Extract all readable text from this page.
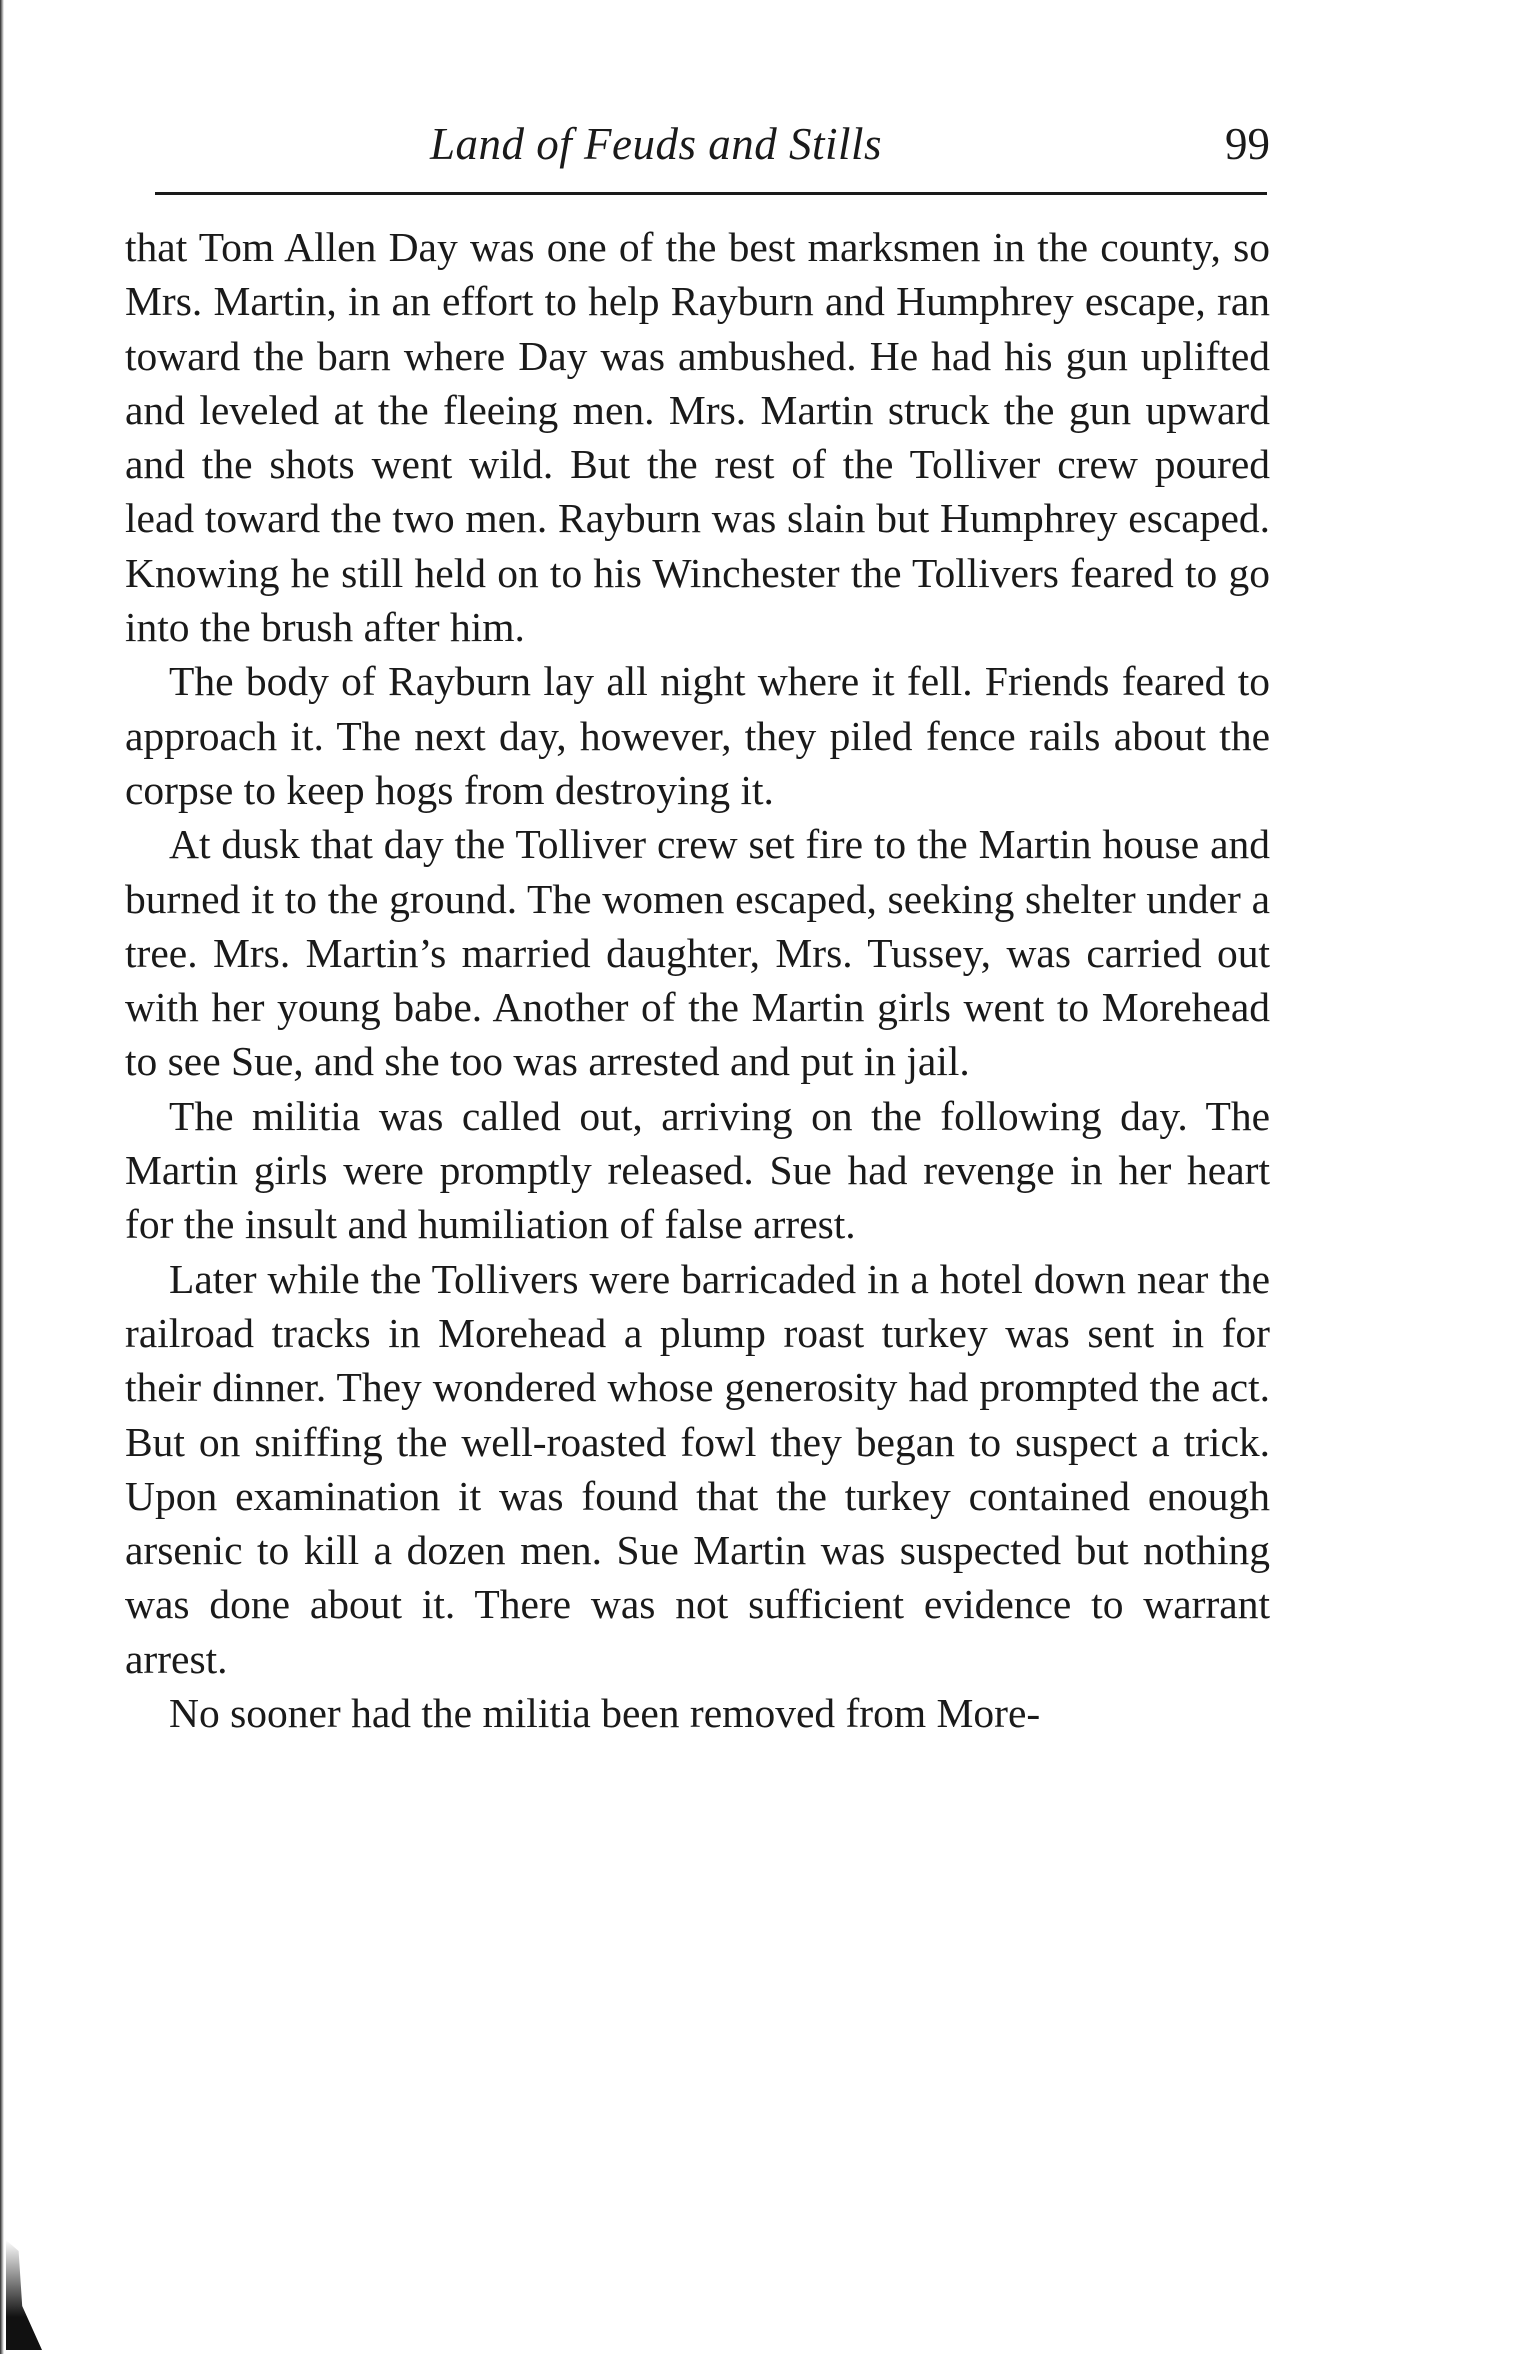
Land of Feuds and Stills	99

that Tom Allen Day was one of the best marksmen in the county, so Mrs. Martin, in an effort to help Rayburn and Humphrey escape, ran toward the barn where Day was ambushed. He had his gun uplifted and leveled at the fleeing men. Mrs. Martin struck the gun upward and the shots went wild. But the rest of the Tolliver crew poured lead toward the two men. Rayburn was slain but Humphrey escaped. Knowing he still held on to his Winchester the Tollivers feared to go into the brush after him.

The body of Rayburn lay all night where it fell. Friends feared to approach it. The next day, however, they piled fence rails about the corpse to keep hogs from destroying it.

At dusk that day the Tolliver crew set fire to the Martin house and burned it to the ground. The women escaped, seeking shelter under a tree. Mrs. Martin’s married daughter, Mrs. Tussey, was carried out with her young babe. Another of the Martin girls went to Morehead to see Sue, and she too was arrested and put in jail.

The militia was called out, arriving on the following day. The Martin girls were promptly released. Sue had revenge in her heart for the insult and humiliation of false arrest.

Later while the Tollivers were barricaded in a hotel down near the railroad tracks in Morehead a plump roast turkey was sent in for their dinner. They wondered whose generosity had prompted the act. But on sniffing the well-roasted fowl they began to suspect a trick. Upon examination it was found that the turkey contained enough arsenic to kill a dozen men. Sue Martin was suspected but nothing was done about it. There was not sufficient evidence to warrant arrest.

No sooner had the militia been removed from More-
